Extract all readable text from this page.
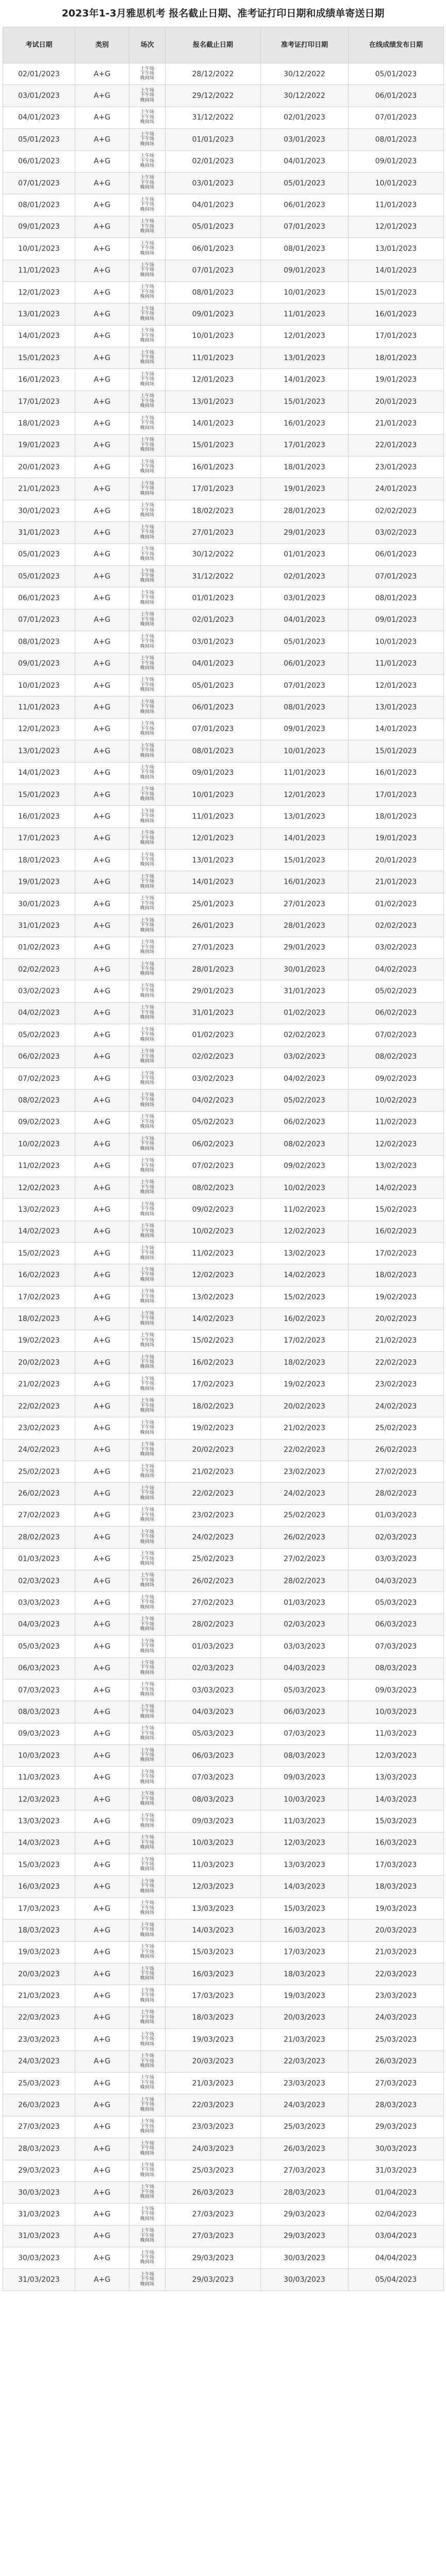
2023年1-3月雅思机考 报名截止日期、准考证打印日期和成绩单寄送日期
考试日期	类别	场次	报名截止日期	准考证打印日期	在线成绩发布日期
02/01/2023	A+G	上午场
下午场
晚间场	28/12/2022	30/12/2022	05/01/2023
03/01/2023	A+G	上午场
下午场
晚间场	29/12/2022	30/12/2022	06/01/2023
04/01/2023	A+G	上午场
下午场
晚间场	31/12/2022	02/01/2023	07/01/2023
05/01/2023	A+G	上午场
下午场
晚间场	01/01/2023	03/01/2023	08/01/2023
06/01/2023	A+G	上午场
下午场
晚间场	02/01/2023	04/01/2023	09/01/2023
07/01/2023	A+G	上午场
下午场
晚间场	03/01/2023	05/01/2023	10/01/2023
08/01/2023	A+G	上午场
下午场
晚间场	04/01/2023	06/01/2023	11/01/2023
09/01/2023	A+G	上午场
下午场
晚间场	05/01/2023	07/01/2023	12/01/2023
10/01/2023	A+G	上午场
下午场
晚间场	06/01/2023	08/01/2023	13/01/2023
11/01/2023	A+G	上午场
下午场
晚间场	07/01/2023	09/01/2023	14/01/2023
12/01/2023	A+G	上午场
下午场
晚间场	08/01/2023	10/01/2023	15/01/2023
13/01/2023	A+G	上午场
下午场
晚间场	09/01/2023	11/01/2023	16/01/2023
14/01/2023	A+G	上午场
下午场
晚间场	10/01/2023	12/01/2023	17/01/2023
15/01/2023	A+G	上午场
下午场
晚间场	11/01/2023	13/01/2023	18/01/2023
16/01/2023	A+G	上午场
下午场
晚间场	12/01/2023	14/01/2023	19/01/2023
17/01/2023	A+G	上午场
下午场
晚间场	13/01/2023	15/01/2023	20/01/2023
18/01/2023	A+G	上午场
下午场
晚间场	14/01/2023	16/01/2023	21/01/2023
19/01/2023	A+G	上午场
下午场
晚间场	15/01/2023	17/01/2023	22/01/2023
20/01/2023	A+G	上午场
下午场
晚间场	16/01/2023	18/01/2023	23/01/2023
21/01/2023	A+G	上午场
下午场
晚间场	17/01/2023	19/01/2023	24/01/2023
30/01/2023	A+G	上午场
下午场
晚间场	18/02/2023	28/01/2023	02/02/2023
31/01/2023	A+G	上午场
下午场
晚间场	27/01/2023	29/01/2023	03/02/2023
05/01/2023	A+G	上午场
下午场
晚间场	30/12/2022	01/01/2023	06/01/2023
05/01/2023	A+G	上午场
下午场
晚间场	31/12/2022	02/01/2023	07/01/2023
06/01/2023	A+G	上午场
下午场
晚间场	01/01/2023	03/01/2023	08/01/2023
07/01/2023	A+G	上午场
下午场
晚间场	02/01/2023	04/01/2023	09/01/2023
08/01/2023	A+G	上午场
下午场
晚间场	03/01/2023	05/01/2023	10/01/2023
09/01/2023	A+G	上午场
下午场
晚间场	04/01/2023	06/01/2023	11/01/2023
10/01/2023	A+G	上午场
下午场
晚间场	05/01/2023	07/01/2023	12/01/2023
11/01/2023	A+G	上午场
下午场
晚间场	06/01/2023	08/01/2023	13/01/2023
12/01/2023	A+G	上午场
下午场
晚间场	07/01/2023	09/01/2023	14/01/2023
13/01/2023	A+G	上午场
下午场
晚间场	08/01/2023	10/01/2023	15/01/2023
14/01/2023	A+G	上午场
下午场
晚间场	09/01/2023	11/01/2023	16/01/2023
15/01/2023	A+G	上午场
下午场
晚间场	10/01/2023	12/01/2023	17/01/2023
16/01/2023	A+G	上午场
下午场
晚间场	11/01/2023	13/01/2023	18/01/2023
17/01/2023	A+G	上午场
下午场
晚间场	12/01/2023	14/01/2023	19/01/2023
18/01/2023	A+G	上午场
下午场
晚间场	13/01/2023	15/01/2023	20/01/2023
19/01/2023	A+G	上午场
下午场
晚间场	14/01/2023	16/01/2023	21/01/2023
30/01/2023	A+G	上午场
下午场
晚间场	25/01/2023	27/01/2023	01/02/2023
31/01/2023	A+G	上午场
下午场
晚间场	26/01/2023	28/01/2023	02/02/2023
01/02/2023	A+G	上午场
下午场
晚间场	27/01/2023	29/01/2023	03/02/2023
02/02/2023	A+G	上午场
下午场
晚间场	28/01/2023	30/01/2023	04/02/2023
03/02/2023	A+G	上午场
下午场
晚间场	29/01/2023	31/01/2023	05/02/2023
04/02/2023	A+G	上午场
下午场
晚间场	31/01/2023	01/02/2023	06/02/2023
05/02/2023	A+G	上午场
下午场
晚间场	01/02/2023	02/02/2023	07/02/2023
06/02/2023	A+G	上午场
下午场
晚间场	02/02/2023	03/02/2023	08/02/2023
07/02/2023	A+G	上午场
下午场
晚间场	03/02/2023	04/02/2023	09/02/2023
08/02/2023	A+G	上午场
下午场
晚间场	04/02/2023	05/02/2023	10/02/2023
09/02/2023	A+G	上午场
下午场
晚间场	05/02/2023	06/02/2023	11/02/2023
10/02/2023	A+G	上午场
下午场
晚间场	06/02/2023	08/02/2023	12/02/2023
11/02/2023	A+G	上午场
下午场
晚间场	07/02/2023	09/02/2023	13/02/2023
12/02/2023	A+G	上午场
下午场
晚间场	08/02/2023	10/02/2023	14/02/2023
13/02/2023	A+G	上午场
下午场
晚间场	09/02/2023	11/02/2023	15/02/2023
14/02/2023	A+G	上午场
下午场
晚间场	10/02/2023	12/02/2023	16/02/2023
15/02/2023	A+G	上午场
下午场
晚间场	11/02/2023	13/02/2023	17/02/2023
16/02/2023	A+G	上午场
下午场
晚间场	12/02/2023	14/02/2023	18/02/2023
17/02/2023	A+G	上午场
下午场
晚间场	13/02/2023	15/02/2023	19/02/2023
18/02/2023	A+G	上午场
下午场
晚间场	14/02/2023	16/02/2023	20/02/2023
19/02/2023	A+G	上午场
下午场
晚间场	15/02/2023	17/02/2023	21/02/2023
20/02/2023	A+G	上午场
下午场
晚间场	16/02/2023	18/02/2023	22/02/2023
21/02/2023	A+G	上午场
下午场
晚间场	17/02/2023	19/02/2023	23/02/2023
22/02/2023	A+G	上午场
下午场
晚间场	18/02/2023	20/02/2023	24/02/2023
23/02/2023	A+G	上午场
下午场
晚间场	19/02/2023	21/02/2023	25/02/2023
24/02/2023	A+G	上午场
下午场
晚间场	20/02/2023	22/02/2023	26/02/2023
25/02/2023	A+G	上午场
下午场
晚间场	21/02/2023	23/02/2023	27/02/2023
26/02/2023	A+G	上午场
下午场
晚间场	22/02/2023	24/02/2023	28/02/2023
27/02/2023	A+G	上午场
下午场
晚间场	23/02/2023	25/02/2023	01/03/2023
28/02/2023	A+G	上午场
下午场
晚间场	24/02/2023	26/02/2023	02/03/2023
01/03/2023	A+G	上午场
下午场
晚间场	25/02/2023	27/02/2023	03/03/2023
02/03/2023	A+G	上午场
下午场
晚间场	26/02/2023	28/02/2023	04/03/2023
03/03/2023	A+G	上午场
下午场
晚间场	27/02/2023	01/03/2023	05/03/2023
04/03/2023	A+G	上午场
下午场
晚间场	28/02/2023	02/03/2023	06/03/2023
05/03/2023	A+G	上午场
下午场
晚间场	01/03/2023	03/03/2023	07/03/2023
06/03/2023	A+G	上午场
下午场
晚间场	02/03/2023	04/03/2023	08/03/2023
07/03/2023	A+G	上午场
下午场
晚间场	03/03/2023	05/03/2023	09/03/2023
08/03/2023	A+G	上午场
下午场
晚间场	04/03/2023	06/03/2023	10/03/2023
09/03/2023	A+G	上午场
下午场
晚间场	05/03/2023	07/03/2023	11/03/2023
10/03/2023	A+G	上午场
下午场
晚间场	06/03/2023	08/03/2023	12/03/2023
11/03/2023	A+G	上午场
下午场
晚间场	07/03/2023	09/03/2023	13/03/2023
12/03/2023	A+G	上午场
下午场
晚间场	08/03/2023	10/03/2023	14/03/2023
13/03/2023	A+G	上午场
下午场
晚间场	09/03/2023	11/03/2023	15/03/2023
14/03/2023	A+G	上午场
下午场
晚间场	10/03/2023	12/03/2023	16/03/2023
15/03/2023	A+G	上午场
下午场
晚间场	11/03/2023	13/03/2023	17/03/2023
16/03/2023	A+G	上午场
下午场
晚间场	12/03/2023	14/03/2023	18/03/2023
17/03/2023	A+G	上午场
下午场
晚间场	13/03/2023	15/03/2023	19/03/2023
18/03/2023	A+G	上午场
下午场
晚间场	14/03/2023	16/03/2023	20/03/2023
19/03/2023	A+G	上午场
下午场
晚间场	15/03/2023	17/03/2023	21/03/2023
20/03/2023	A+G	上午场
下午场
晚间场	16/03/2023	18/03/2023	22/03/2023
21/03/2023	A+G	上午场
下午场
晚间场	17/03/2023	19/03/2023	23/03/2023
22/03/2023	A+G	上午场
下午场
晚间场	18/03/2023	20/03/2023	24/03/2023
23/03/2023	A+G	上午场
下午场
晚间场	19/03/2023	21/03/2023	25/03/2023
24/03/2023	A+G	上午场
下午场
晚间场	20/03/2023	22/03/2023	26/03/2023
25/03/2023	A+G	上午场
下午场
晚间场	21/03/2023	23/03/2023	27/03/2023
26/03/2023	A+G	上午场
下午场
晚间场	22/03/2023	24/03/2023	28/03/2023
27/03/2023	A+G	上午场
下午场
晚间场	23/03/2023	25/03/2023	29/03/2023
28/03/2023	A+G	上午场
下午场
晚间场	24/03/2023	26/03/2023	30/03/2023
29/03/2023	A+G	上午场
下午场
晚间场	25/03/2023	27/03/2023	31/03/2023
30/03/2023	A+G	上午场
下午场
晚间场	26/03/2023	28/03/2023	01/04/2023
31/03/2023	A+G	上午场
下午场
晚间场	27/03/2023	29/03/2023	02/04/2023
31/03/2023	A+G	上午场
下午场
晚间场	27/03/2023	29/03/2023	03/04/2023
30/03/2023	A+G	上午场
下午场
晚间场	29/03/2023	30/03/2023	04/04/2023
31/03/2023	A+G	上午场
下午场
晚间场	29/03/2023	30/03/2023	05/04/2023
